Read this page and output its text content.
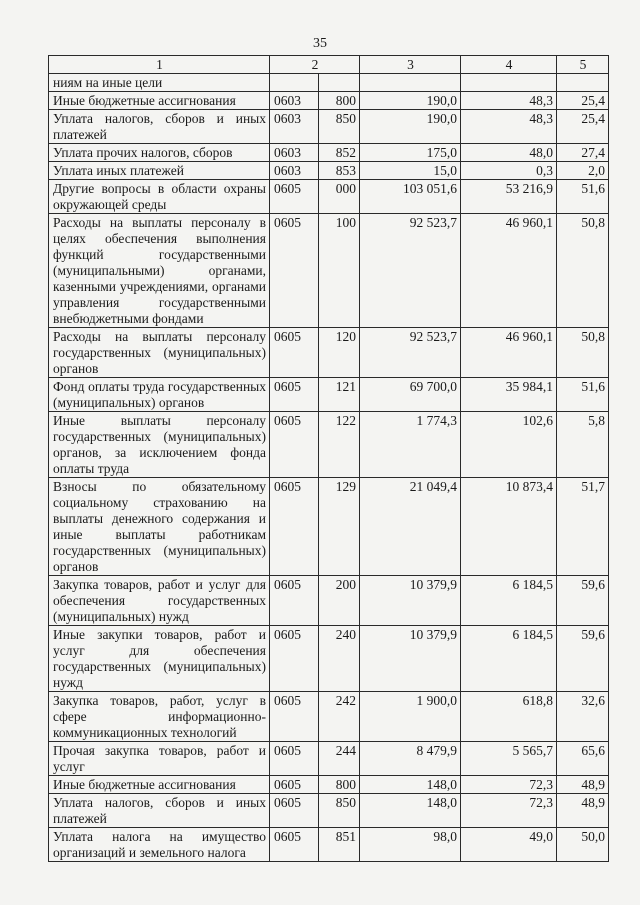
35
1	2		3	4	5
ниям на иные цели					
Иные бюджетные ассигнования	0603	800	190,0	48,3	25,4
Уплата налогов, сборов и иных платежей	0603	850	190,0	48,3	25,4
Уплата прочих налогов, сборов	0603	852	175,0	48,0	27,4
Уплата иных платежей	0603	853	15,0	0,3	2,0
Другие вопросы в области охраны окружающей среды	0605	000	103 051,6	53 216,9	51,6
Расходы на выплаты персоналу в целях обеспечения выполнения функций государственными (муниципальными) органами, казенными учреждениями, органами управления государственными внебюджетными фондами	0605	100	92 523,7	46 960,1	50,8
Расходы на выплаты персоналу государственных (муниципальных) органов	0605	120	92 523,7	46 960,1	50,8
Фонд оплаты труда государственных (муниципальных) органов	0605	121	69 700,0	35 984,1	51,6
Иные выплаты персоналу государственных (муниципальных) органов, за исключением фонда оплаты труда	0605	122	1 774,3	102,6	5,8
Взносы по обязательному социальному страхованию на выплаты денежного содержания и иные выплаты работникам государственных (муниципальных) органов	0605	129	21 049,4	10 873,4	51,7
Закупка товаров, работ и услуг для обеспечения государственных (муниципальных) нужд	0605	200	10 379,9	6 184,5	59,6
Иные закупки товаров, работ и услуг для обеспечения государственных (муниципальных) нужд	0605	240	10 379,9	6 184,5	59,6
Закупка товаров, работ, услуг в сфере информационно-коммуникационных технологий	0605	242	1 900,0	618,8	32,6
Прочая закупка товаров, работ и услуг	0605	244	8 479,9	5 565,7	65,6
Иные бюджетные ассигнования	0605	800	148,0	72,3	48,9
Уплата налогов, сборов и иных платежей	0605	850	148,0	72,3	48,9
Уплата налога на имущество организаций и земельного налога	0605	851	98,0	49,0	50,0
